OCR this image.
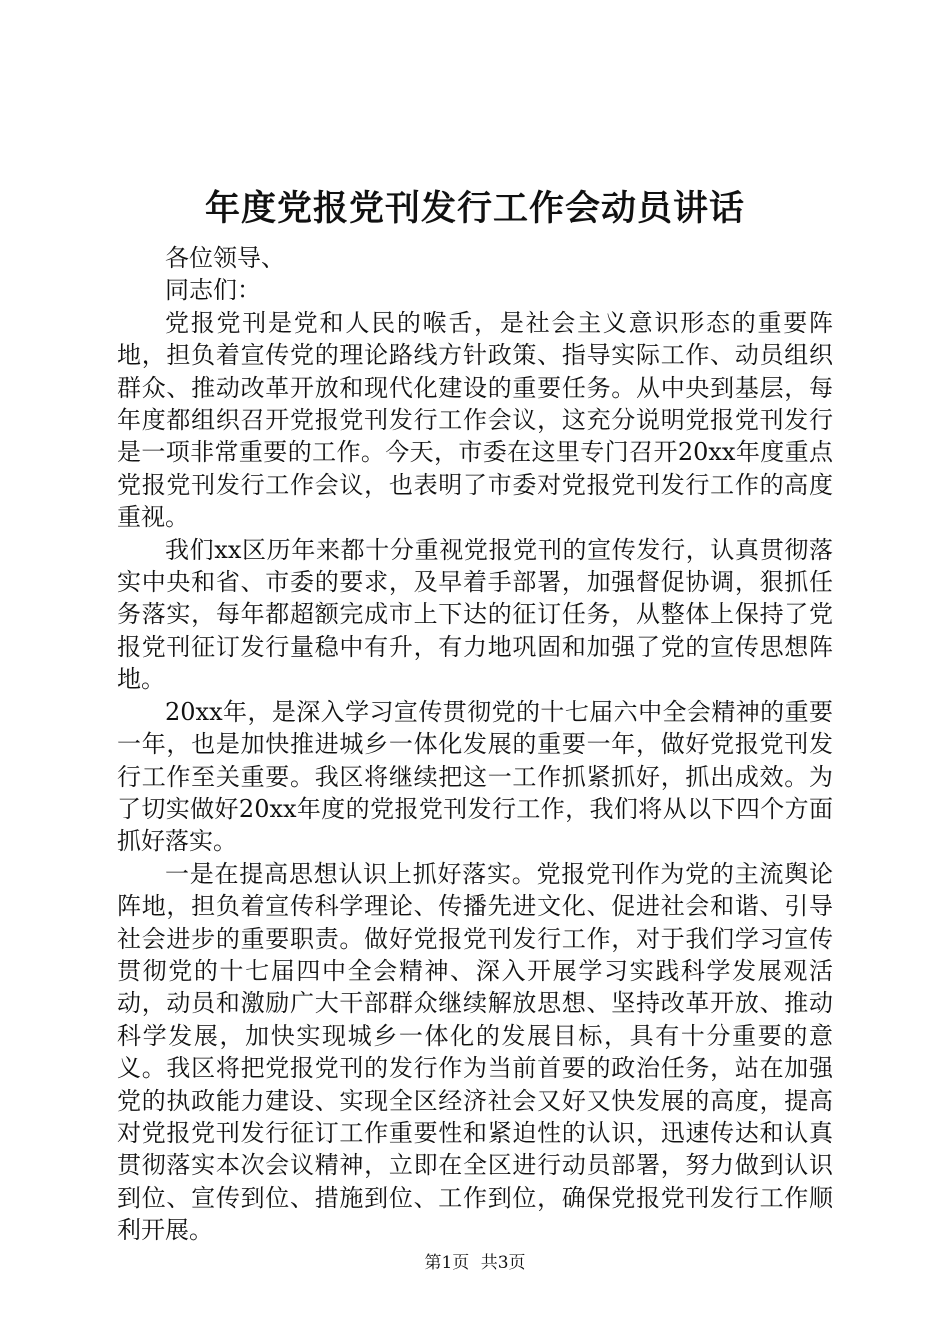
年度党报党刊发行工作会动员讲话

各位领导、

同志们：

党报党刊是党和人民的喉舌，是社会主义意识形态的重要阵地，担负着宣传党的理论路线方针政策、指导实际工作、动员组织群众、推动改革开放和现代化建设的重要任务。从中央到基层，每年度都组织召开党报党刊发行工作会议，这充分说明党报党刊发行是一项非常重要的工作。今天，市委在这里专门召开20xx年度重点党报党刊发行工作会议，也表明了市委对党报党刊发行工作的高度重视。

我们xx区历年来都十分重视党报党刊的宣传发行，认真贯彻落实中央和省、市委的要求，及早着手部署，加强督促协调，狠抓任务落实，每年都超额完成市上下达的征订任务，从整体上保持了党报党刊征订发行量稳中有升，有力地巩固和加强了党的宣传思想阵地。

20xx年，是深入学习宣传贯彻党的十七届六中全会精神的重要一年，也是加快推进城乡一体化发展的重要一年，做好党报党刊发行工作至关重要。我区将继续把这一工作抓紧抓好，抓出成效。为了切实做好20xx年度的党报党刊发行工作，我们将从以下四个方面抓好落实。

一是在提高思想认识上抓好落实。党报党刊作为党的主流舆论阵地，担负着宣传科学理论、传播先进文化、促进社会和谐、引导社会进步的重要职责。做好党报党刊发行工作，对于我们学习宣传贯彻党的十七届四中全会精神、深入开展学习实践科学发展观活动，动员和激励广大干部群众继续解放思想、坚持改革开放、推动科学发展，加快实现城乡一体化的发展目标，具有十分重要的意义。我区将把党报党刊的发行作为当前首要的政治任务，站在加强党的执政能力建设、实现全区经济社会又好又快发展的高度，提高对党报党刊发行征订工作重要性和紧迫性的认识，迅速传达和认真贯彻落实本次会议精神，立即在全区进行动员部署，努力做到认识到位、宣传到位、措施到位、工作到位，确保党报党刊发行工作顺利开展。

第1页 共3页
